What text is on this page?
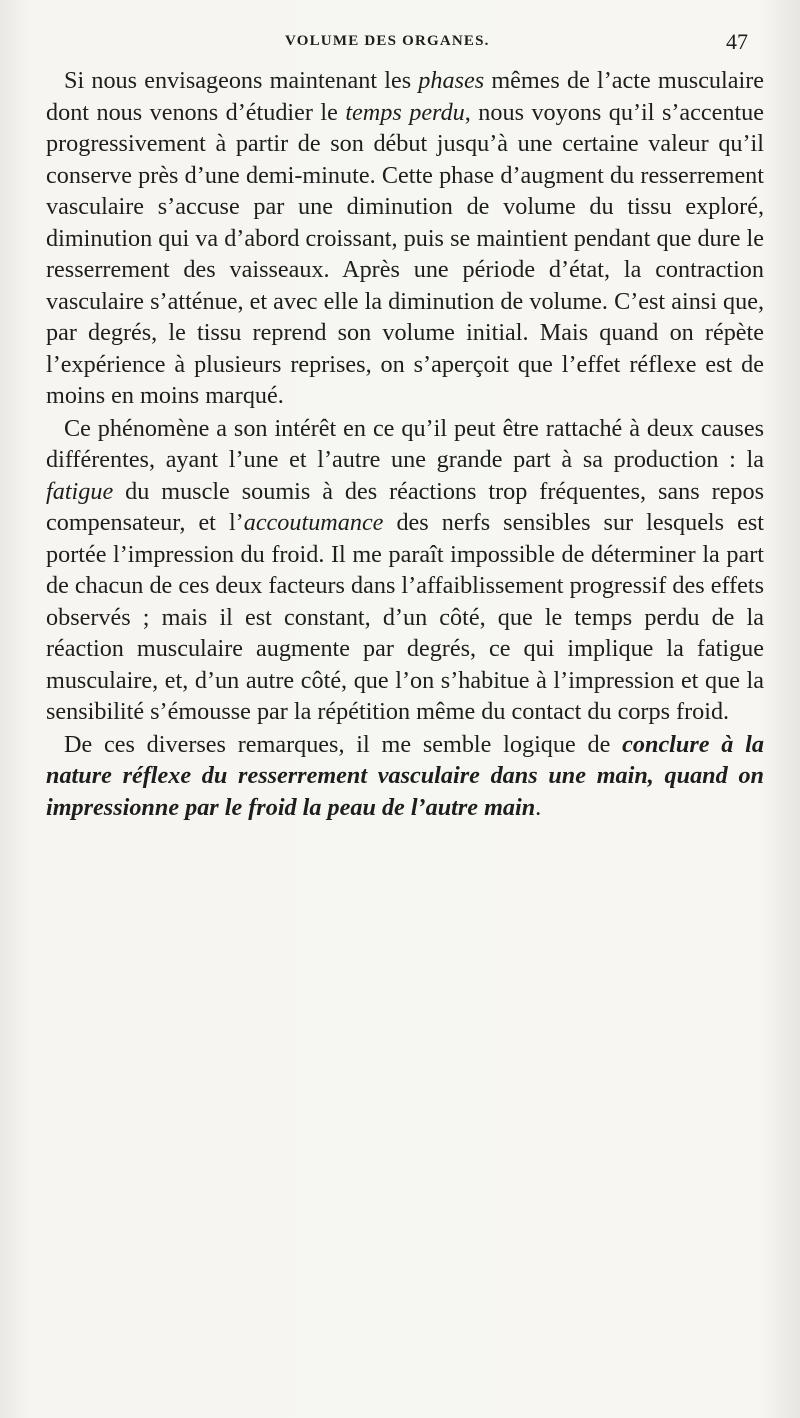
VOLUME DES ORGANES.	47

Si nous envisageons maintenant les phases mêmes de l’acte musculaire dont nous venons d’étudier le temps perdu, nous voyons qu’il s’accentue progressivement à partir de son début jusqu’à une certaine valeur qu’il conserve près d’une demi-minute. Cette phase d’augment du resserrement vasculaire s’accuse par une diminution de volume du tissu exploré, diminution qui va d’abord croissant, puis se maintient pendant que dure le resserrement des vaisseaux. Après une période d’état, la contraction vasculaire s’atténue, et avec elle la diminution de volume. C’est ainsi que, par degrés, le tissu reprend son volume initial. Mais quand on répète l’expérience à plusieurs reprises, on s’aperçoit que l’effet réflexe est de moins en moins marqué.

Ce phénomène a son intérêt en ce qu’il peut être rattaché à deux causes différentes, ayant l’une et l’autre une grande part à sa production : la fatigue du muscle soumis à des réactions trop fréquentes, sans repos compensateur, et l’accoutumance des nerfs sensibles sur lesquels est portée l’impression du froid. Il me paraît impossible de déterminer la part de chacun de ces deux facteurs dans l’affaiblissement progressif des effets observés ; mais il est constant, d’un côté, que le temps perdu de la réaction musculaire augmente par degrés, ce qui implique la fatigue musculaire, et, d’un autre côté, que l’on s’habitue à l’impression et que la sensibilité s’émousse par la répétition même du contact du corps froid.

De ces diverses remarques, il me semble logique de conclure à la nature réflexe du resserrement vasculaire dans une main, quand on impressionne par le froid la peau de l’autre main.
